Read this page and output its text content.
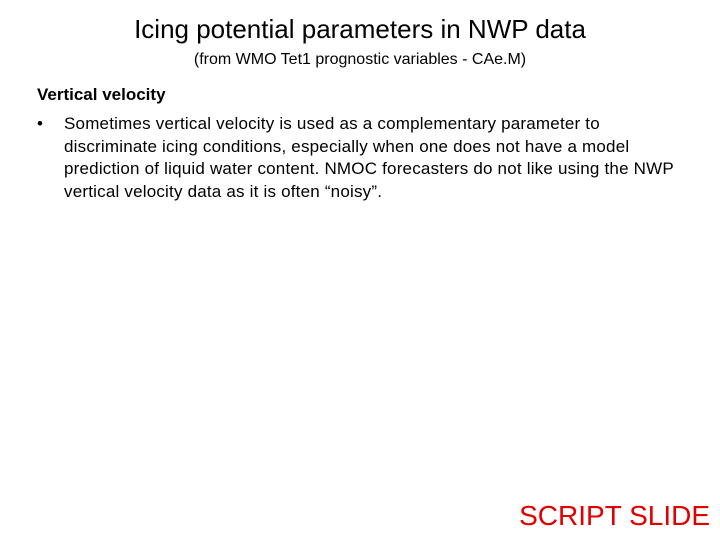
Icing potential parameters in NWP data
(from WMO Tet1 prognostic variables - CAe.M)
Vertical velocity
• Sometimes vertical velocity is used as a complementary parameter to discriminate icing conditions, especially when one does not have a model prediction of liquid water content. NMOC forecasters do not like using the NWP vertical velocity data as it is often “noisy”.
SCRIPT SLIDE
